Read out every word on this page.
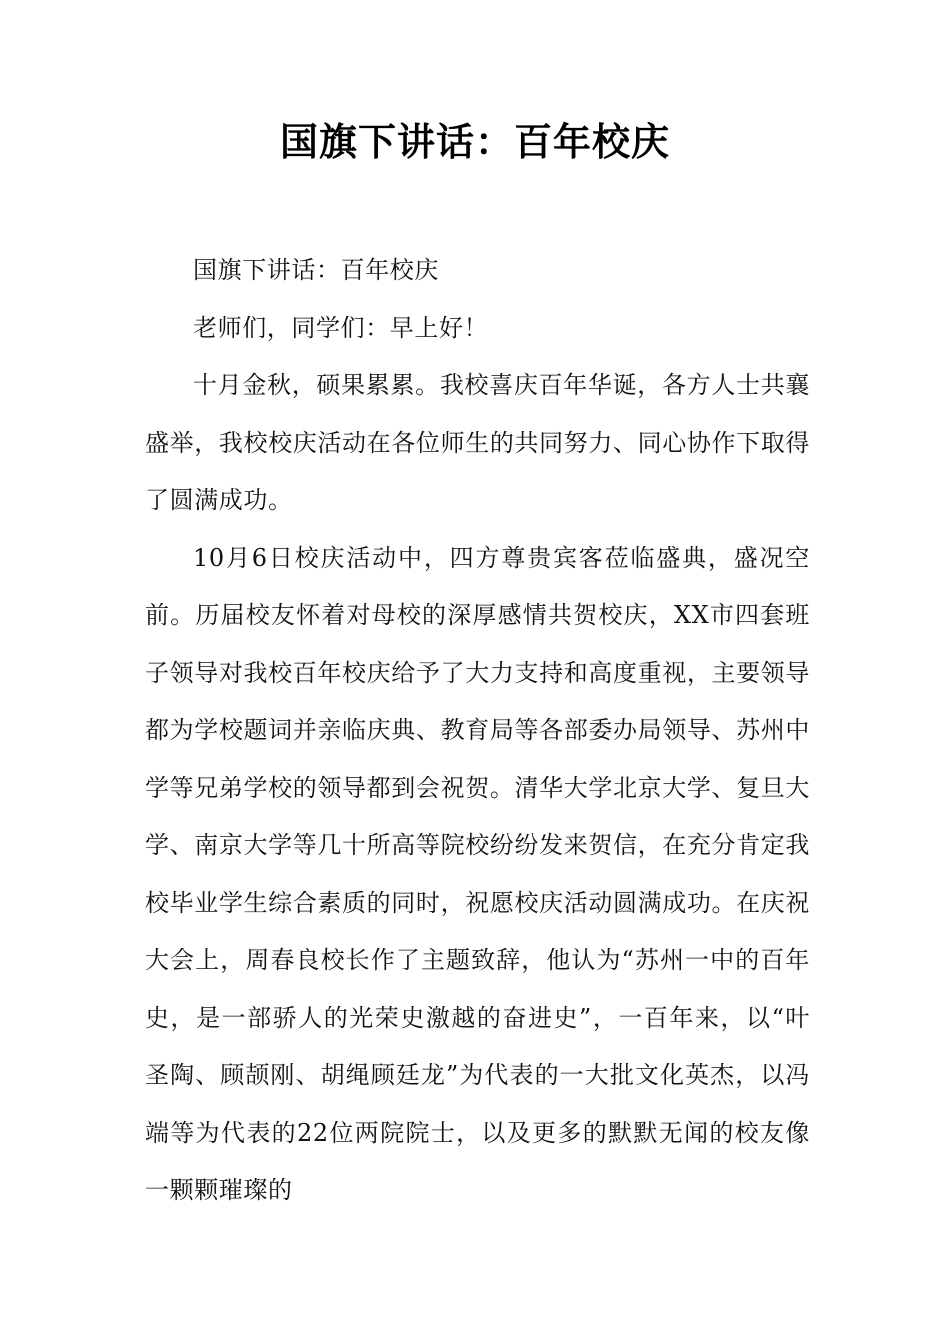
国旗下讲话：百年校庆

国旗下讲话：百年校庆

老师们，同学们：早上好！

十月金秋，硕果累累。我校喜庆百年华诞，各方人士共襄盛举，我校校庆活动在各位师生的共同努力、同心协作下取得了圆满成功。

10月6日校庆活动中，四方尊贵宾客莅临盛典，盛况空前。历届校友怀着对母校的深厚感情共贺校庆，XX市四套班子领导对我校百年校庆给予了大力支持和高度重视，主要领导都为学校题词并亲临庆典、教育局等各部委办局领导、苏州中学等兄弟学校的领导都到会祝贺。清华大学北京大学、复旦大学、南京大学等几十所高等院校纷纷发来贺信，在充分肯定我校毕业学生综合素质的同时，祝愿校庆活动圆满成功。在庆祝大会上，周春良校长作了主题致辞，他认为“苏州一中的百年史，是一部骄人的光荣史激越的奋进史”，一百年来，以“叶圣陶、顾颉刚、胡绳顾廷龙”为代表的一大批文化英杰，以冯端等为代表的22位两院院士，以及更多的默默无闻的校友像一颗颗璀璨的
